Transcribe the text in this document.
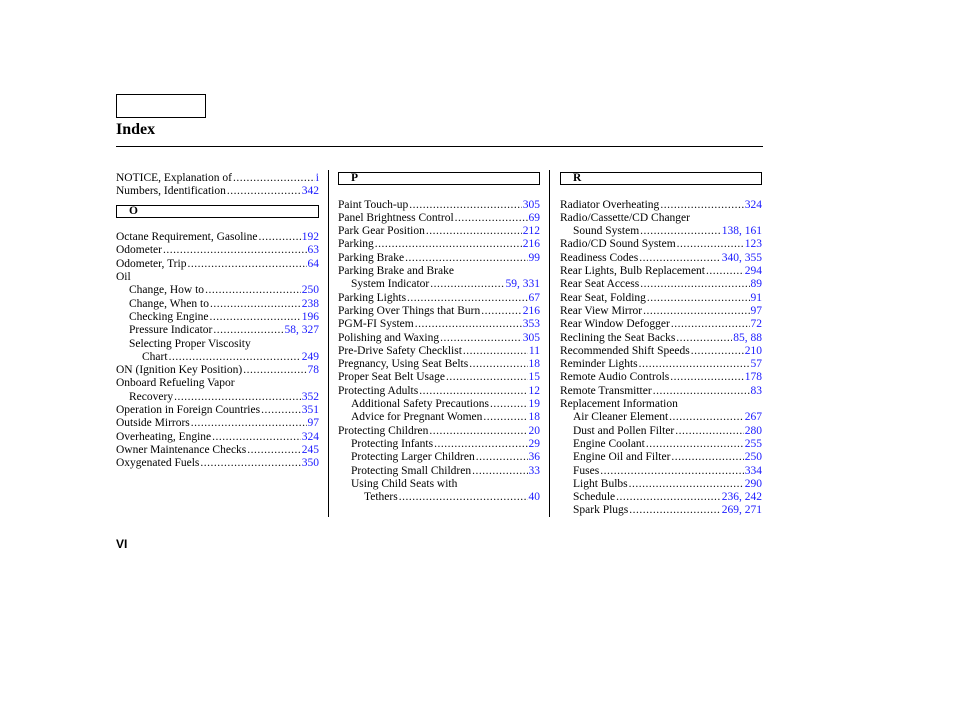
Index
NOTICE, Explanation of .....	i
Numbers, Identification .....	342
O
Octane Requirement, Gasoline .....	192
Odometer .....	63
Odometer, Trip .....	64
Oil
Change, How to .....	250
Change, When to .....	238
Checking Engine .....	196
Pressure Indicator .....	58, 327
Selecting Proper Viscosity
Chart .....	249
ON (Ignition Key Position) .....	78
Onboard Refueling Vapor
Recovery .....	352
Operation in Foreign Countries .....	351
Outside Mirrors .....	97
Overheating, Engine .....	324
Owner Maintenance Checks .....	245
Oxygenated Fuels .....	350
P
Paint Touch-up .....	305
Panel Brightness Control .....	69
Park Gear Position .....	212
Parking .....	216
Parking Brake .....	99
Parking Brake and Brake
System Indicator .....	59, 331
Parking Lights .....	67
Parking Over Things that Burn .....	216
PGM-FI System .....	353
Polishing and Waxing .....	305
Pre-Drive Safety Checklist .....	11
Pregnancy, Using Seat Belts .....	18
Proper Seat Belt Usage .....	15
Protecting Adults .....	12
Additional Safety Precautions .....	19
Advice for Pregnant Women .....	18
Protecting Children .....	20
Protecting Infants .....	29
Protecting Larger Children .....	36
Protecting Small Children .....	33
Using Child Seats with
Tethers .....	40
R
Radiator Overheating .....	324
Radio/Cassette/CD Changer
Sound System .....	138, 161
Radio/CD Sound System .....	123
Readiness Codes .....	340, 355
Rear Lights, Bulb Replacement .....	294
Rear Seat Access .....	89
Rear Seat, Folding .....	91
Rear View Mirror .....	97
Rear Window Defogger .....	72
Reclining the Seat Backs .....	85, 88
Recommended Shift Speeds .....	210
Reminder Lights .....	57
Remote Audio Controls .....	178
Remote Transmitter .....	83
Replacement Information
Air Cleaner Element .....	267
Dust and Pollen Filter .....	280
Engine Coolant .....	255
Engine Oil and Filter .....	250
Fuses .....	334
Light Bulbs .....	290
Schedule .....	236, 242
Spark Plugs .....	269, 271
VI
